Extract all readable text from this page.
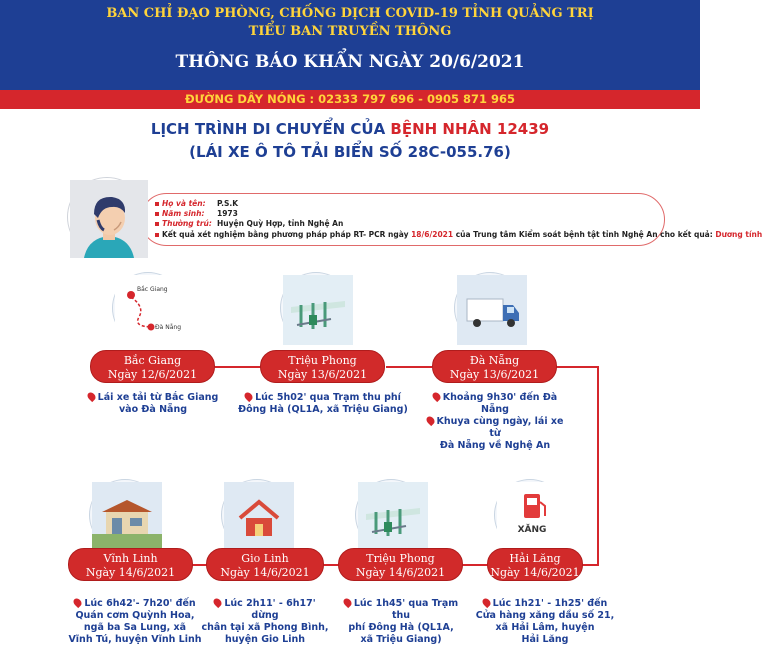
BAN CHỈ ĐẠO PHÒNG, CHỐNG DỊCH COVID-19 TỈNH QUẢNG TRỊ
TIỂU BAN TRUYỀN THÔNG
THÔNG BÁO KHẨN NGÀY 20/6/2021
ĐƯỜNG DÂY NÓNG : 02333 797 696 - 0905 871 965
LỊCH TRÌNH DI CHUYỂN CỦA BỆNH NHÂN 12439
(LÁI XE Ô TÔ TẢI BIỂN SỐ 28C-055.76)
Họ và tên: P.S.K
Năm sinh: 1973
Thường trú: Huyện Quỳ Hợp, tỉnh Nghệ An
Kết quả xét nghiệm bằng phương pháp pháp RT- PCR ngày 18/6/2021 của Trung tâm Kiểm soát bệnh tật tỉnh Nghệ An cho kết quả: Dương tính
Bắc Giang
Đà Nẵng
Bắc Giang
Ngày 12/6/2021
Triệu Phong
Ngày 13/6/2021
Đà Nẵng
Ngày 13/6/2021
Lái xe tải từ Bắc Giang
vào Đà Nẵng
Lúc 5h02' qua Trạm thu phí
Đông Hà (QL1A, xã Triệu Giang)
Khoảng 9h30' đến Đà Nẵng
Khuya cùng ngày, lái xe từ
Đà Nẵng về Nghệ An
XĂNG
Vĩnh Linh
Ngày 14/6/2021
Gio Linh
Ngày 14/6/2021
Triệu Phong
Ngày 14/6/2021
Hải Lăng
Ngày 14/6/2021
Lúc 6h42'- 7h20' đến
Quán cơm Quỳnh Hoa,
ngã ba Sa Lung, xã
Vĩnh Tú, huyện Vĩnh Linh
Lúc 2h11' - 6h17' dừng
chân tại xã Phong Bình,
huyện Gio Linh
Lúc 1h45' qua Trạm thu
phí Đông Hà (QL1A,
xã Triệu Giang)
Lúc 1h21' - 1h25' đến
Cửa hàng xăng dầu số 21,
xã Hải Lâm, huyện
Hải Lăng
